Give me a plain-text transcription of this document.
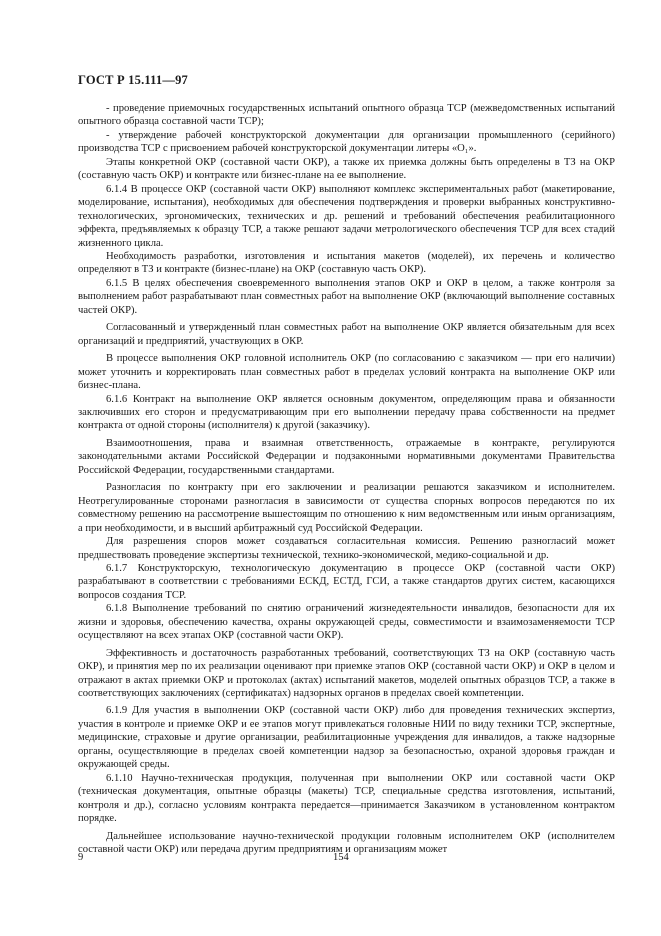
ГОСТ Р 15.111—97

- проведение приемочных государственных испытаний опытного образца ТСР (межведомственных испытаний опытного образца составной части ТСР);

- утверждение рабочей конструкторской документации для организации промышленного (серийного) производства ТСР с присвоением рабочей конструкторской документации литеры «О₁».

Этапы конкретной ОКР (составной части ОКР), а также их приемка должны быть определены в ТЗ на ОКР (составную часть ОКР) и контракте или бизнес-плане на ее выполнение.

6.1.4 В процессе ОКР (составной части ОКР) выполняют комплекс экспериментальных работ (макетирование, моделирование, испытания), необходимых для обеспечения подтверждения и проверки выбранных конструктивно-технологических, эргономических, технических и др. решений и требований обеспечения реабилитационного эффекта, предъявляемых к образцу ТСР, а также решают задачи метрологического обеспечения ТСР для всех стадий жизненного цикла.

Необходимость разработки, изготовления и испытания макетов (моделей), их перечень и количество определяют в ТЗ и контракте (бизнес-плане) на ОКР (составную часть ОКР).

6.1.5 В целях обеспечения своевременного выполнения этапов ОКР и ОКР в целом, а также контроля за выполнением работ разрабатывают план совместных работ на выполнение ОКР (включающий выполнение составных частей ОКР).

Согласованный и утвержденный план совместных работ на выполнение ОКР является обязательным для всех организаций и предприятий, участвующих в ОКР.

В процессе выполнения ОКР головной исполнитель ОКР (по согласованию с заказчиком — при его наличии) может уточнить и корректировать план совместных работ в пределах условий контракта на выполнение ОКР или бизнес-плана.

6.1.6 Контракт на выполнение ОКР является основным документом, определяющим права и обязанности заключивших его сторон и предусматривающим при его выполнении передачу права собственности на предмет контракта от одной стороны (исполнителя) к другой (заказчику).

Взаимоотношения, права и взаимная ответственность, отражаемые в контракте, регулируются законодательными актами Российской Федерации и подзаконными нормативными документами Правительства Российской Федерации, государственными стандартами.

Разногласия по контракту при его заключении и реализации решаются заказчиком и исполнителем. Неотрегулированные сторонами разногласия в зависимости от существа спорных вопросов передаются по их совместному решению на рассмотрение вышестоящим по отношению к ним ведомственным или иным организациям, а при необходимости, и в высший арбитражный суд Российской Федерации.

Для разрешения споров может создаваться согласительная комиссия. Решению разногласий может предшествовать проведение экспертизы технической, технико-экономической, медико-социальной и др.

6.1.7 Конструкторскую, технологическую документацию в процессе ОКР (составной части ОКР) разрабатывают в соответствии с требованиями ЕСКД, ЕСТД, ГСИ, а также стандартов других систем, касающихся вопросов создания ТСР.

6.1.8 Выполнение требований по снятию ограничений жизнедеятельности инвалидов, безопасности для их жизни и здоровья, обеспечению качества, охраны окружающей среды, совместимости и взаимозаменяемости ТСР осуществляют на всех этапах ОКР (составной части ОКР).

Эффективность и достаточность разработанных требований, соответствующих ТЗ на ОКР (составную часть ОКР), и принятия мер по их реализации оценивают при приемке этапов ОКР (составной части ОКР) и ОКР в целом и отражают в актах приемки ОКР и протоколах (актах) испытаний макетов, моделей опытных образцов ТСР, а также в соответствующих заключениях (сертификатах) надзорных органов в пределах своей компетенции.

6.1.9 Для участия в выполнении ОКР (составной части ОКР) либо для проведения технических экспертиз, участия в контроле и приемке ОКР и ее этапов могут привлекаться головные НИИ по виду техники ТСР, экспертные, медицинские, страховые и другие организации, реабилитационные учреждения для инвалидов, а также надзорные органы, осуществляющие в пределах своей компетенции надзор за безопасностью, охраной здоровья граждан и окружающей среды.

6.1.10 Научно-техническая продукция, полученная при выполнении ОКР или составной части ОКР (техническая документация, опытные образцы (макеты) ТСР, специальные средства изготовления, испытаний, контроля и др.), согласно условиям контракта передается—принимается Заказчиком в установленном контрактом порядке.

Дальнейшее использование научно-технической продукции головным исполнителем ОКР (исполнителем составной части ОКР) или передача другим предприятиям и организациям может

9	154
